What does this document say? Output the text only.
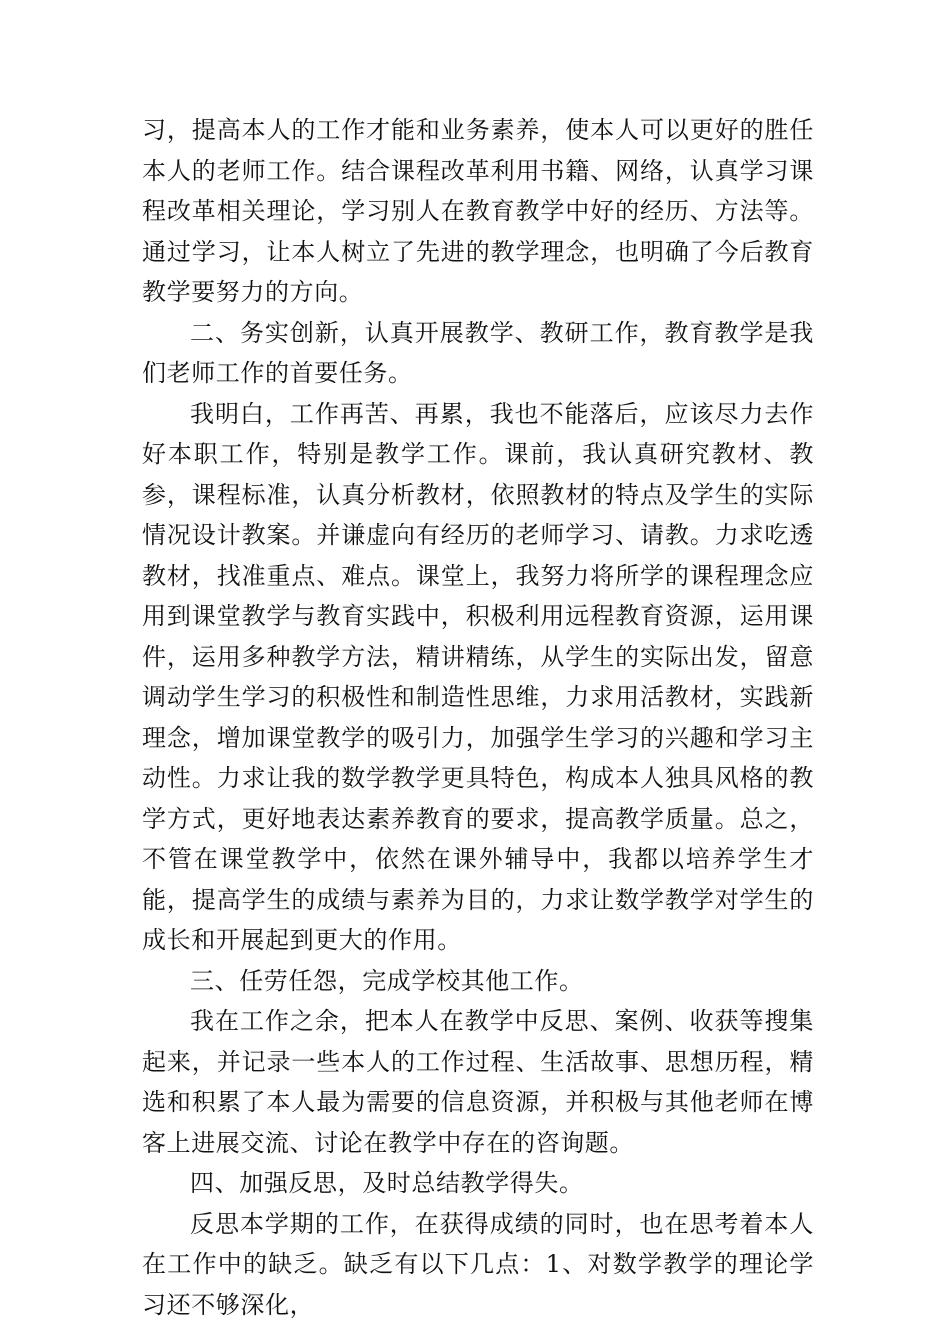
习，提高本人的工作才能和业务素养，使本人可以更好的胜任本人的老师工作。结合课程改革利用书籍、网络，认真学习课程改革相关理论，学习别人在教育教学中好的经历、方法等。通过学习，让本人树立了先进的教学理念，也明确了今后教育教学要努力的方向。

二、务实创新，认真开展教学、教研工作，教育教学是我们老师工作的首要任务。

我明白，工作再苦、再累，我也不能落后，应该尽力去作好本职工作，特别是教学工作。课前，我认真研究教材、教参，课程标准，认真分析教材，依照教材的特点及学生的实际情况设计教案。并谦虚向有经历的老师学习、请教。力求吃透教材，找准重点、难点。课堂上，我努力将所学的课程理念应用到课堂教学与教育实践中，积极利用远程教育资源，运用课件，运用多种教学方法，精讲精练，从学生的实际出发，留意调动学生学习的积极性和制造性思维，力求用活教材，实践新理念，增加课堂教学的吸引力，加强学生学习的兴趣和学习主动性。力求让我的数学教学更具特色，构成本人独具风格的教学方式，更好地表达素养教育的要求，提高教学质量。总之，不管在课堂教学中，依然在课外辅导中，我都以培养学生才能，提高学生的成绩与素养为目的，力求让数学教学对学生的成长和开展起到更大的作用。

三、任劳任怨，完成学校其他工作。

我在工作之余，把本人在教学中反思、案例、收获等搜集起来，并记录一些本人的工作过程、生活故事、思想历程，精选和积累了本人最为需要的信息资源，并积极与其他老师在博客上进展交流、讨论在教学中存在的咨询题。

四、加强反思，及时总结教学得失。

反思本学期的工作，在获得成绩的同时，也在思考着本人在工作中的缺乏。缺乏有以下几点：1、对数学教学的理论学习还不够深化，
